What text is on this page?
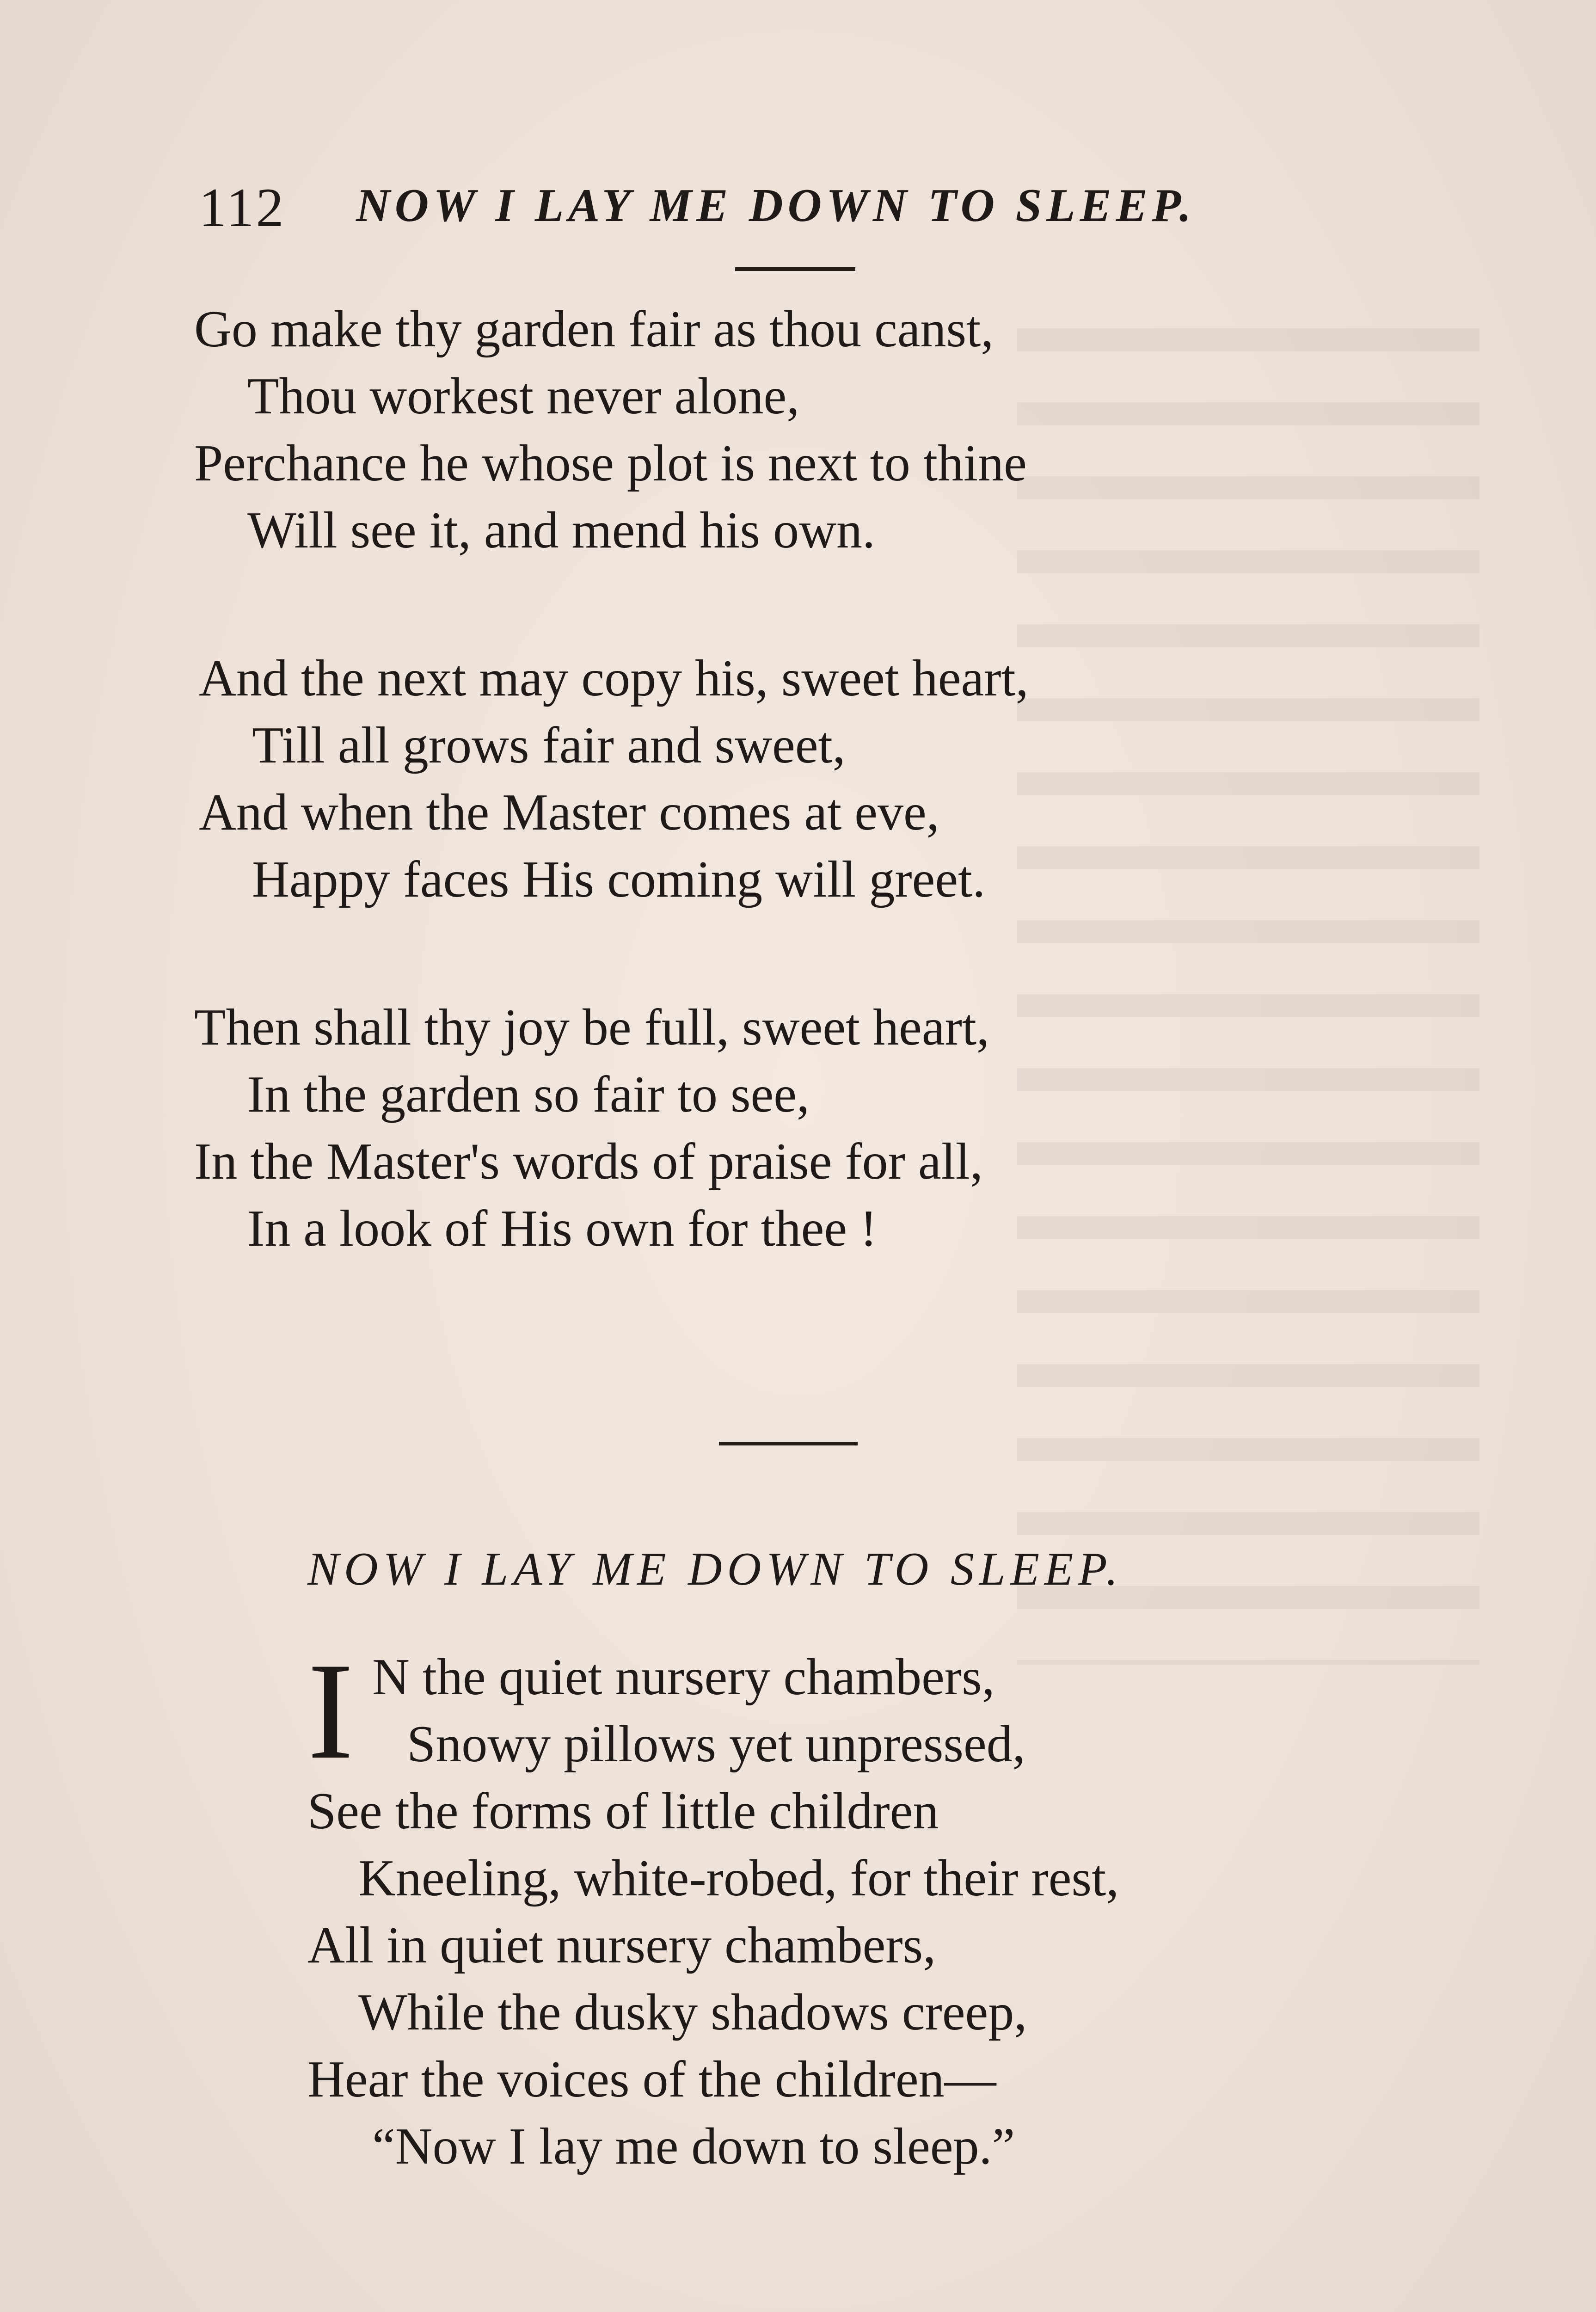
112 NOW I LAY ME DOWN TO SLEEP.
Go make thy garden fair as thou canst,
Thou workest never alone,
Perchance he whose plot is next to thine
Will see it, and mend his own.
And the next may copy his, sweet heart,
Till all grows fair and sweet,
And when the Master comes at eve,
Happy faces His coming will greet.
Then shall thy joy be full, sweet heart,
In the garden so fair to see,
In the Master's words of praise for all,
In a look of His own for thee !
NOW I LAY ME DOWN TO SLEEP.
I N the quiet nursery chambers,
Snowy pillows yet unpressed,
See the forms of little children
Kneeling, white-robed, for their rest,
All in quiet nursery chambers,
While the dusky shadows creep,
Hear the voices of the children—
“Now I lay me down to sleep.”
